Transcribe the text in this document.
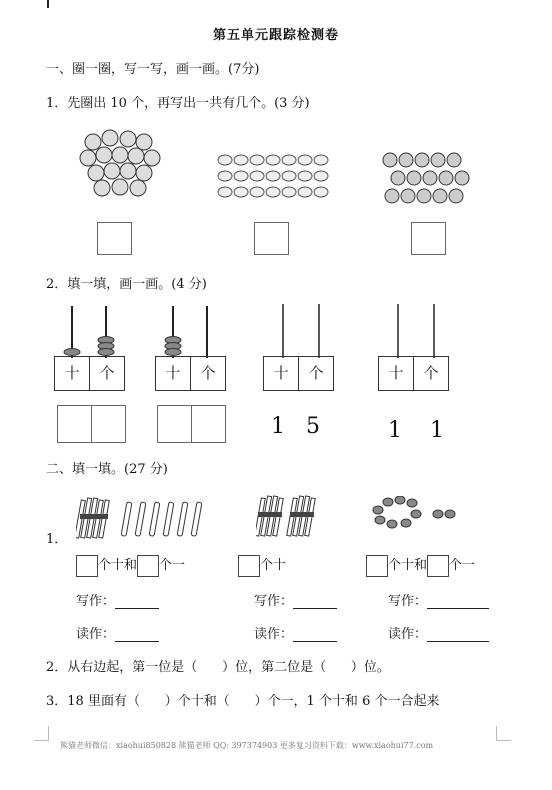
第五单元跟踪检测卷
一、圈一圈，写一写，画一画。(7分)
1．先圈出 10 个，再写出一共有几个。(3 分)
2．填一填，画一画。(4 分)
十	个	十	个	十	个
1   5
十	个
1    1
二、填一填。(27 分)
1．
个十和 个一	个十	个十和 个一
写作：	写作：	写作：
读作：	读作：	读作：
2．从右边起，第一位是（      ）位，第二位是（      ）位。
3．18 里面有（      ）个十和（      ）个一，1 个十和 6 个一合起来
熊猫老师微信：xiaohui850828 熊猫老师 QQ: 397374903 更多复习资料下载：www.xiaohui77.com
